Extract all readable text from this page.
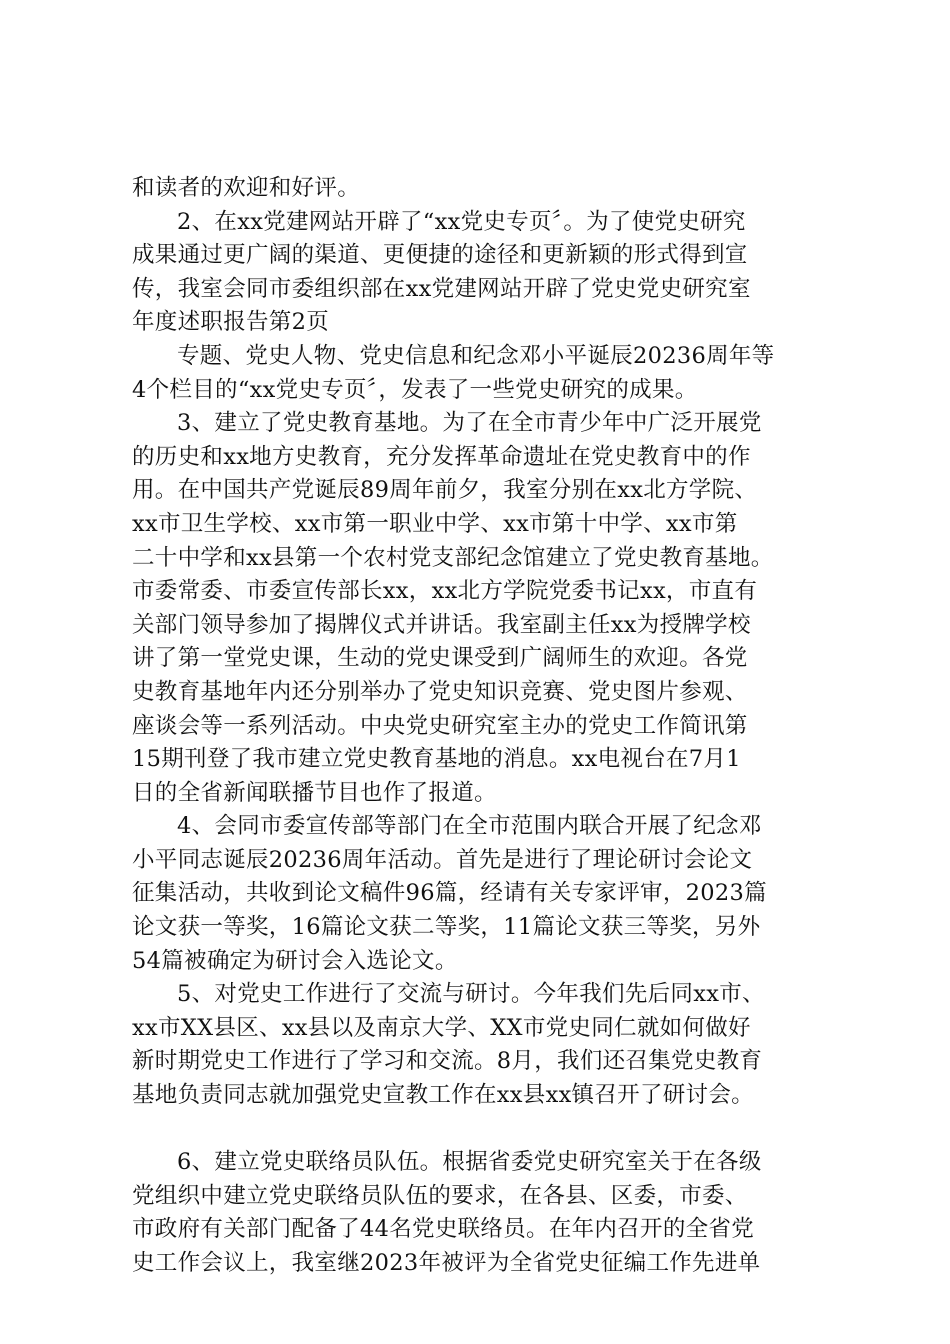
和读者的欢迎和好评。
2、在xx党建网站开辟了“xx党史专页〞。为了使党史研究
成果通过更广阔的渠道、更便捷的途径和更新颖的形式得到宣
传，我室会同市委组织部在xx党建网站开辟了党史党史研究室
年度述职报告第2页
专题、党史人物、党史信息和纪念邓小平诞辰20236周年等
4个栏目的“xx党史专页〞，发表了一些党史研究的成果。
3、建立了党史教育基地。为了在全市青少年中广泛开展党
的历史和xx地方史教育，充分发挥革命遗址在党史教育中的作
用。在中国共产党诞辰89周年前夕，我室分别在xx北方学院、
xx市卫生学校、xx市第一职业中学、xx市第十中学、xx市第
二十中学和xx县第一个农村党支部纪念馆建立了党史教育基地。
市委常委、市委宣传部长xx，xx北方学院党委书记xx，市直有
关部门领导参加了揭牌仪式并讲话。我室副主任xx为授牌学校
讲了第一堂党史课，生动的党史课受到广阔师生的欢迎。各党
史教育基地年内还分别举办了党史知识竞赛、党史图片参观、
座谈会等一系列活动。中央党史研究室主办的党史工作简讯第
15期刊登了我市建立党史教育基地的消息。xx电视台在7月1
日的全省新闻联播节目也作了报道。
4、会同市委宣传部等部门在全市范围内联合开展了纪念邓
小平同志诞辰20236周年活动。首先是进行了理论研讨会论文
征集活动，共收到论文稿件96篇，经请有关专家评审，2023篇
论文获一等奖，16篇论文获二等奖，11篇论文获三等奖，另外
54篇被确定为研讨会入选论文。
5、对党史工作进行了交流与研讨。今年我们先后同xx市、
xx市XX县区、xx县以及南京大学、XX市党史同仁就如何做好
新时期党史工作进行了学习和交流。8月，我们还召集党史教育
基地负责同志就加强党史宣教工作在xx县xx镇召开了研讨会。
6、建立党史联络员队伍。根据省委党史研究室关于在各级
党组织中建立党史联络员队伍的要求，在各县、区委，市委、
市政府有关部门配备了44名党史联络员。在年内召开的全省党
史工作会议上，我室继2023年被评为全省党史征编工作先进单
